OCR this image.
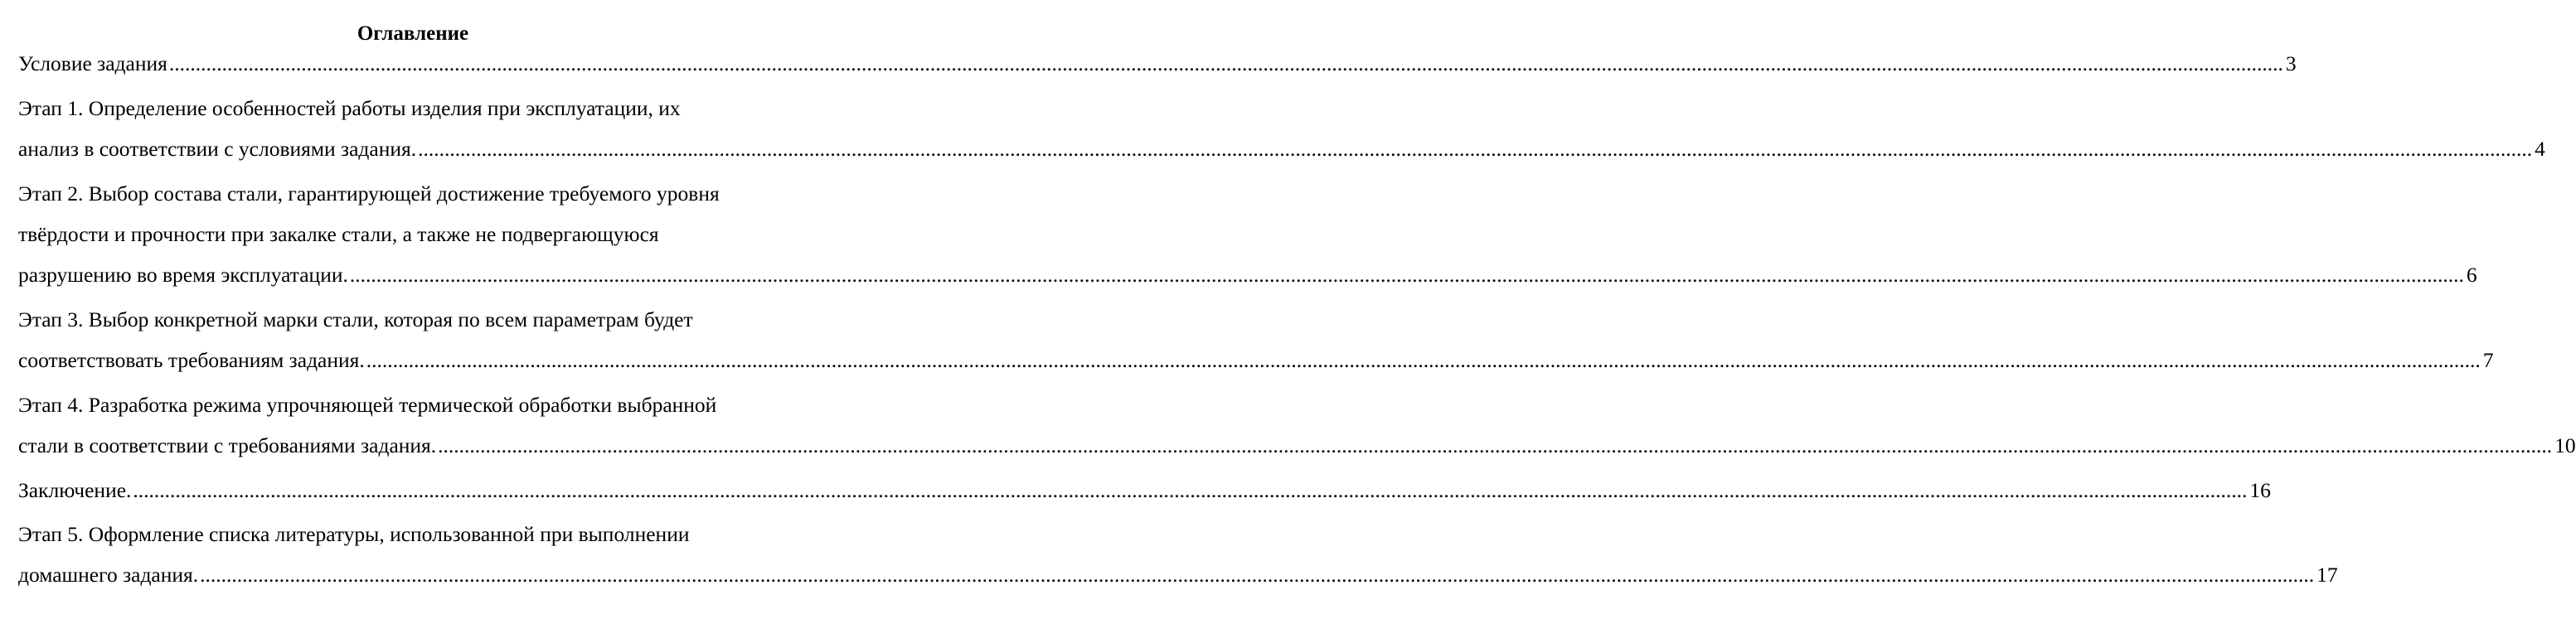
Оглавление
Условие задания ................................................................................................................................................................................................................................................................................................................................................................................................................ 3
Этап 1. Определение особенностей работы изделия при эксплуатации, их
анализ в соответствии с условиями задания. ................................................................................................................................................................................................................................................................................................................................................................................................................ 4
Этап 2. Выбор состава стали, гарантирующей достижение требуемого уровня
твёрдости и прочности при закалке стали, а также не подвергающуюся
разрушению во время эксплуатации. ................................................................................................................................................................................................................................................................................................................................................................................................................ 6
Этап 3. Выбор конкретной марки стали, которая по всем параметрам будет
соответствовать требованиям задания. ................................................................................................................................................................................................................................................................................................................................................................................................................ 7
Этап 4. Разработка режима упрочняющей термической обработки выбранной
стали в соответствии с требованиями задания. ................................................................................................................................................................................................................................................................................................................................................................................................................ 10
Заключение. ................................................................................................................................................................................................................................................................................................................................................................................................................ 16
Этап 5. Оформление списка литературы, использованной при выполнении
домашнего задания. ................................................................................................................................................................................................................................................................................................................................................................................................................ 17
